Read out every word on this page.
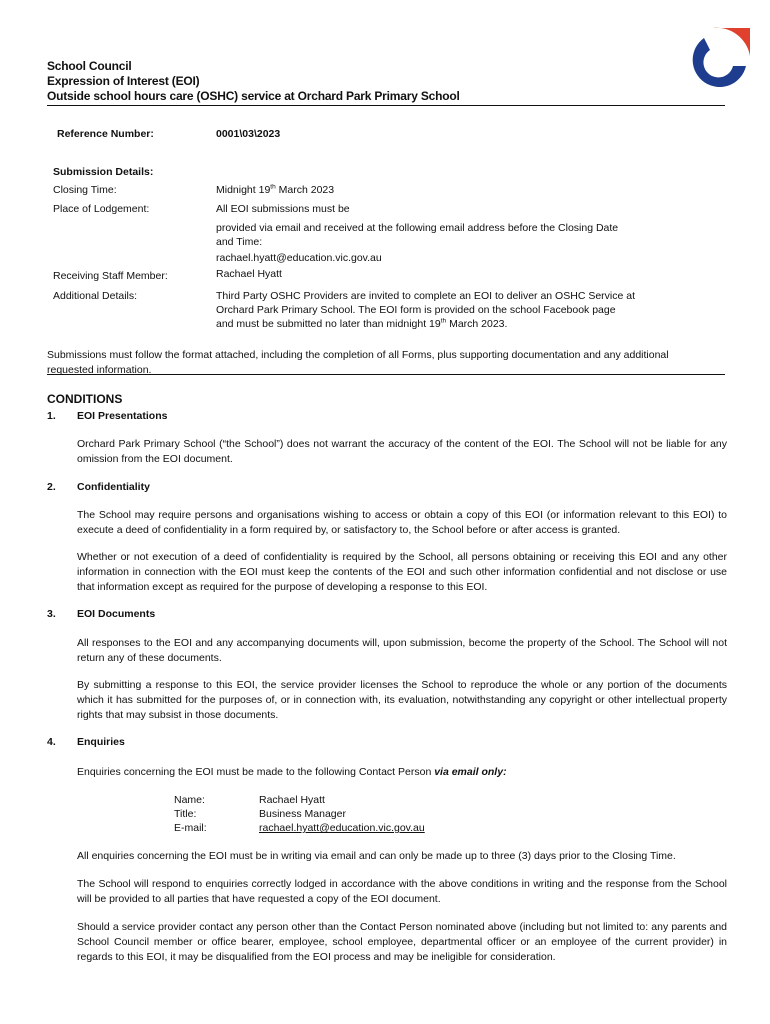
School Council
Expression of Interest (EOI)
Outside school hours care (OSHC) service at Orchard Park Primary School
Reference Number:	0001\03\2023
Submission Details:
Closing Time:	Midnight 19th March 2023
Place of Lodgement:	All EOI submissions must be
provided via email and received at the following email address before the Closing Date
and Time:
rachael.hyatt@education.vic.gov.au
Receiving Staff Member:	Rachael Hyatt
Additional Details:	Third Party OSHC Providers are invited to complete an EOI to deliver an OSHC Service at
Orchard Park Primary School. The EOI form is provided on the school Facebook page
and must be submitted no later than midnight 19th March 2023.
Submissions must follow the format attached, including the completion of all Forms, plus supporting documentation and any additional requested information.
CONDITIONS
1. EOI Presentations
Orchard Park Primary School (“the School”) does not warrant the accuracy of the content of the EOI. The School will not be liable for any omission from the EOI document.
2. Confidentiality
The School may require persons and organisations wishing to access or obtain a copy of this EOI (or information relevant to this EOI) to execute a deed of confidentiality in a form required by, or satisfactory to, the School before or after access is granted.
Whether or not execution of a deed of confidentiality is required by the School, all persons obtaining or receiving this EOI and any other information in connection with the EOI must keep the contents of the EOI and such other information confidential and not disclose or use that information except as required for the purpose of developing a response to this EOI.
3. EOI Documents
All responses to the EOI and any accompanying documents will, upon submission, become the property of the School. The School will not return any of these documents.
By submitting a response to this EOI, the service provider licenses the School to reproduce the whole or any portion of the documents which it has submitted for the purposes of, or in connection with, its evaluation, notwithstanding any copyright or other intellectual property rights that may subsist in those documents.
4. Enquiries
Enquiries concerning the EOI must be made to the following Contact Person via email only:
Name:	Rachael Hyatt
Title:	Business Manager
E-mail:	rachael.hyatt@education.vic.gov.au
All enquiries concerning the EOI must be in writing via email and can only be made up to three (3) days prior to the Closing Time.
The School will respond to enquiries correctly lodged in accordance with the above conditions in writing and the response from the School will be provided to all parties that have requested a copy of the EOI document.
Should a service provider contact any person other than the Contact Person nominated above (including but not limited to: any parents and School Council member or office bearer, employee, school employee, departmental officer or an employee of the current provider) in regards to this EOI, it may be disqualified from the EOI process and may be ineligible for consideration.
